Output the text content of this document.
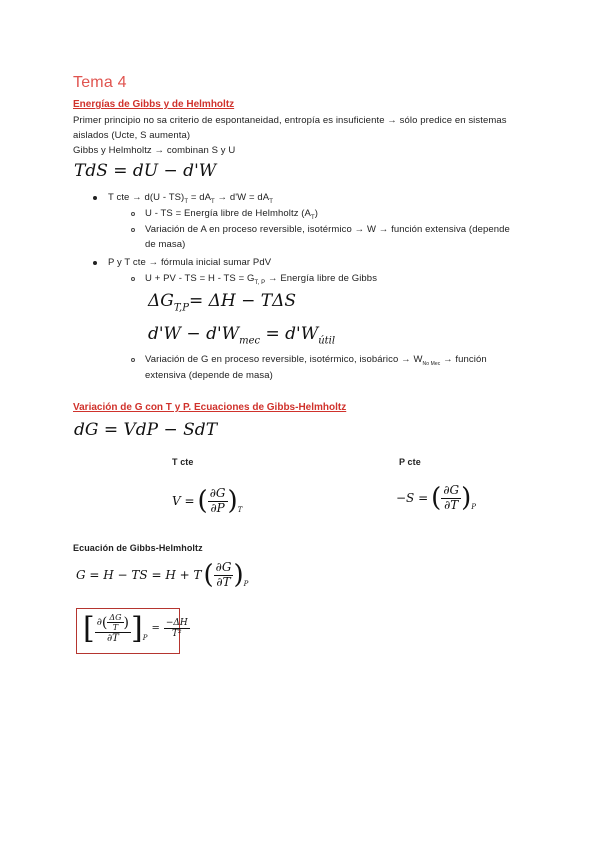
Tema 4
Energías de Gibbs y de Helmholtz
Primer principio no sa criterio de espontaneidad, entropía es insuficiente → sólo predice en sistemas
aislados (Ucte, S aumenta)
Gibbs y Helmholtz → combinan S y U
TdS = dU − d'W
T cte → $d(U - TS)_T = dA_T \to d'W = dA_T$
U - TS = Energía libre de Helmholtz $(A_T)$
Variación de A en proceso reversible, isotérmico → W → función extensiva (depende
de masa)
P y T cte → fórmula inicial sumar PdV
U + PV - TS = H - TS = $G_{T, P}$ → Energía libre de Gibbs
$\Delta G_{T,P}= \Delta H - T\Delta S$
$d'W - d'W_{mec} = d'W_{útil}$
Variación de G en proceso reversible, isotérmico, isobárico → $W_{No Mec}$ → función
extensiva (depende de masa)
Variación de G con T y P. Ecuaciones de Gibbs-Helmholtz
dG = VdP − SdT
T cte	P cte
V = ( $\frac{\partial G}{\partial P}$ ) T
−S = ( $\frac{\partial G}{\partial T}$ ) P
Ecuación de Gibbs-Helmholtz
G = H − TS = H + T ( $\frac{\partial G}{\partial T}$ ) P
[ $\frac{\partial ( \frac{\Delta G}{T} )}{\partial T}$ ] P
= $\frac{-\Delta H}{\text{T²}}$
